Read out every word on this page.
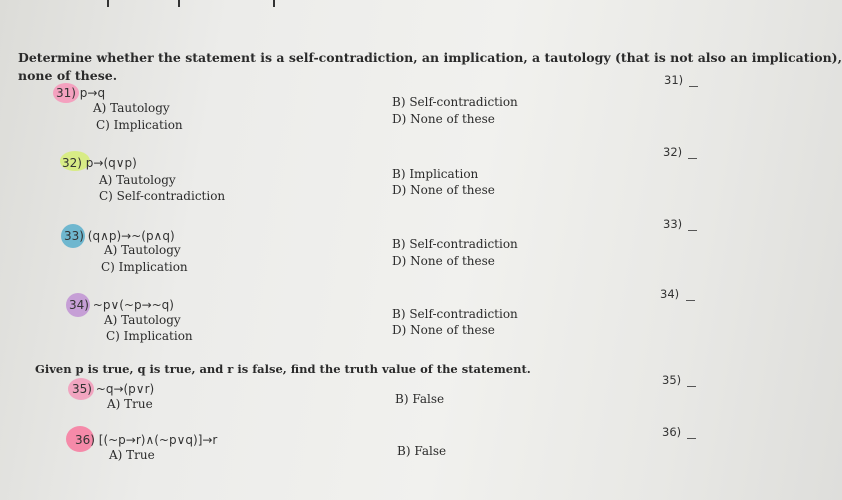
Determine whether the statement is a self-contradiction, an implication, a tautology (that is not also an implication),
none of these.
31) p→q
A) Tautology	B) Self-contradiction
C) Implication	D) None of these
31)
32) p→(q∨p)
A) Tautology	B) Implication
C) Self-contradiction	D) None of these
32)
33) (q∧p)→~(p∧q)
A) Tautology	B) Self-contradiction
C) Implication	D) None of these
33)
34) ~p∨(~p→~q)
A) Tautology	B) Self-contradiction
C) Implication	D) None of these
34)
Given p is true, q is true, and r is false, find the truth value of the statement.
35) ~q→(p∨r)
A) True	B) False
35)
36) [(~p→r)∧(~p∨q)]→r
A) True	B) False
36)
